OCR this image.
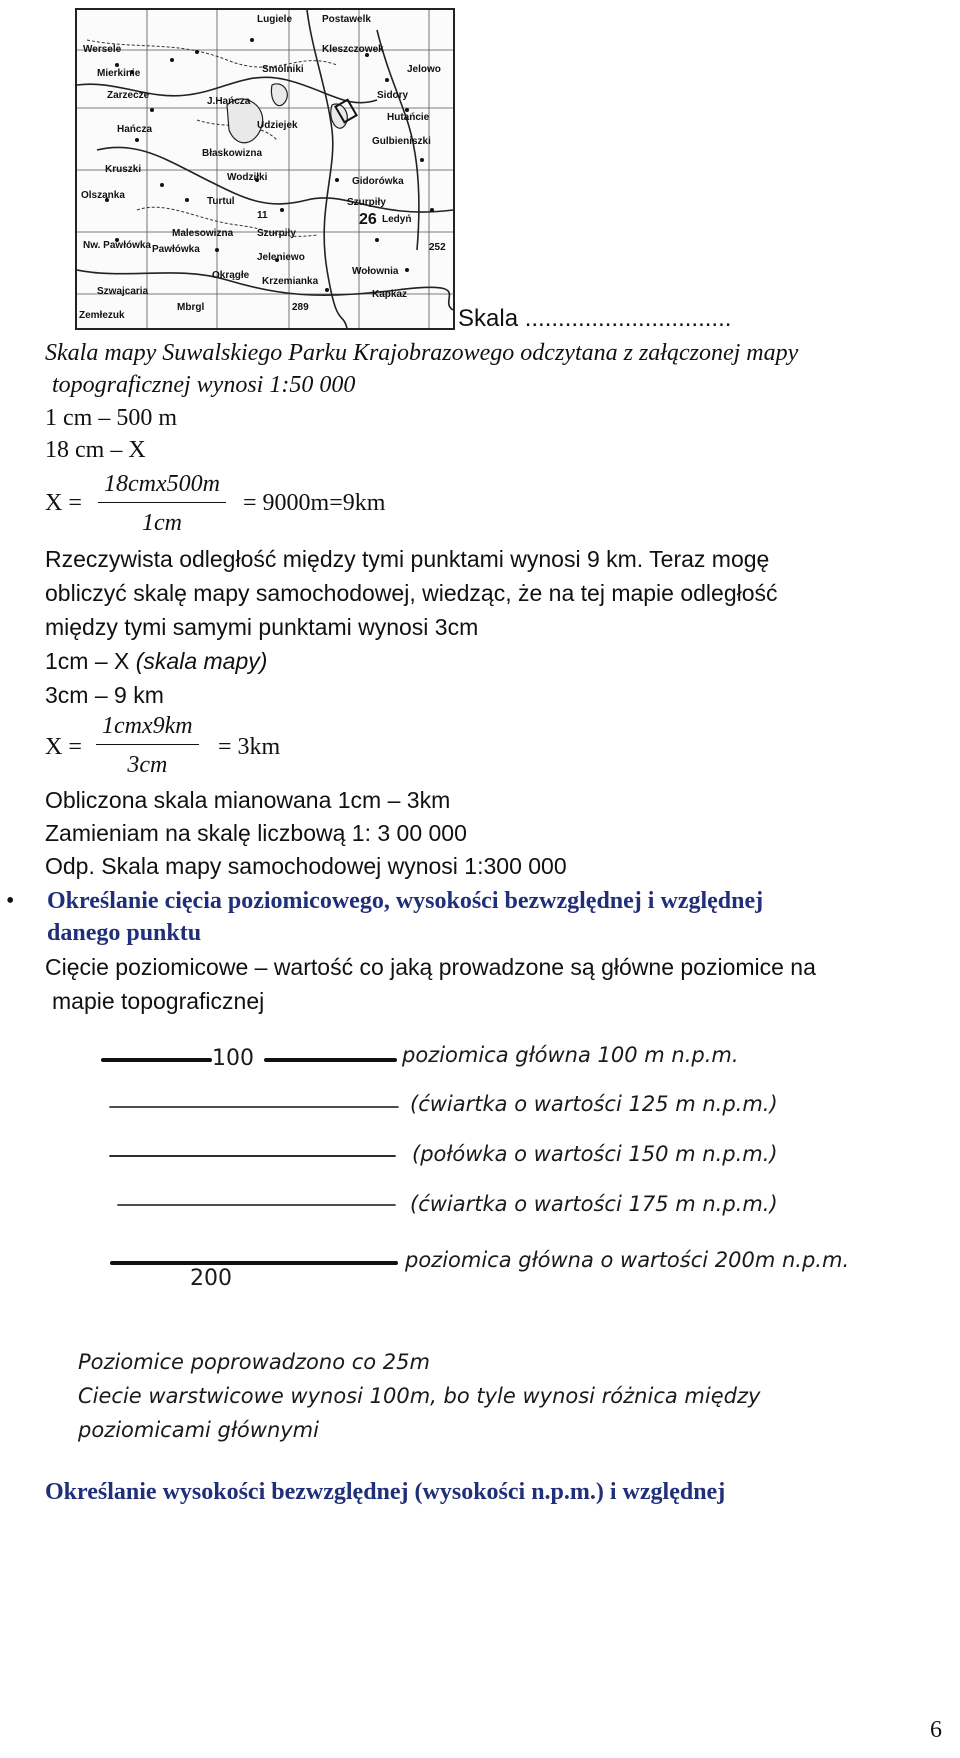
Lugiele	Postawelk
Wersele	Kleszczowek
Mierkinie	Smolniki	Jelowo
Zarzecze	Sidory
J.Hańcza
Udziejek
Hutańcie
Hańcza
Gulbieniszki
Błaskowizna
Kruszki
Wodziłki	Gidorówka
Olszanka
Turtul	Szurpiły
Ledyń
Malesowizna
Nw. Pawłówka Pawłówka
Szurpiły
Jeleniewo
Okrągłe
Krzemianka
Wołownia
Szwajcaria	Kapkaz
Zemłezuk
Mbrgl
26
11
289
252
Skala ...............................
Skala mapy Suwalskiego Parku Krajobrazowego odczytana z załączonej mapy
topograficznej wynosi 1:50 000
1 cm – 500 m
18 cm – X
X =
18cmx500m
1cm
= 9000m=9km
Rzeczywista odległość między tymi punktami wynosi 9 km. Teraz mogę
obliczyć skalę mapy samochodowej, wiedząc, że na tej mapie odległość
między tymi samymi punktami wynosi 3cm
1cm – X (skala mapy)
3cm – 9 km
X =
1cmx9km
3cm
= 3km
Obliczona skala mianowana 1cm – 3km
Zamieniam na skalę liczbową 1: 3 00 000
Odp. Skala mapy samochodowej wynosi 1:300 000
• Określanie cięcia poziomicowego, wysokości bezwzględnej i względnej
danego punktu
Cięcie poziomicowe – wartość co jaką prowadzone są główne poziomice na
mapie topograficznej
100	poziomica główna 100 m n.p.m.
(ćwiartka o wartości 125 m n.p.m.)
(połówka o wartości 150 m n.p.m.)
(ćwiartka o wartości 175 m n.p.m.)
200
poziomica główna o wartości 200m n.p.m.
Poziomice poprowadzono co 25m
Ciecie warstwicowe wynosi 100m, bo tyle wynosi różnica między
poziomicami głównymi
Określanie wysokości bezwzględnej (wysokości n.p.m.) i względnej
6
